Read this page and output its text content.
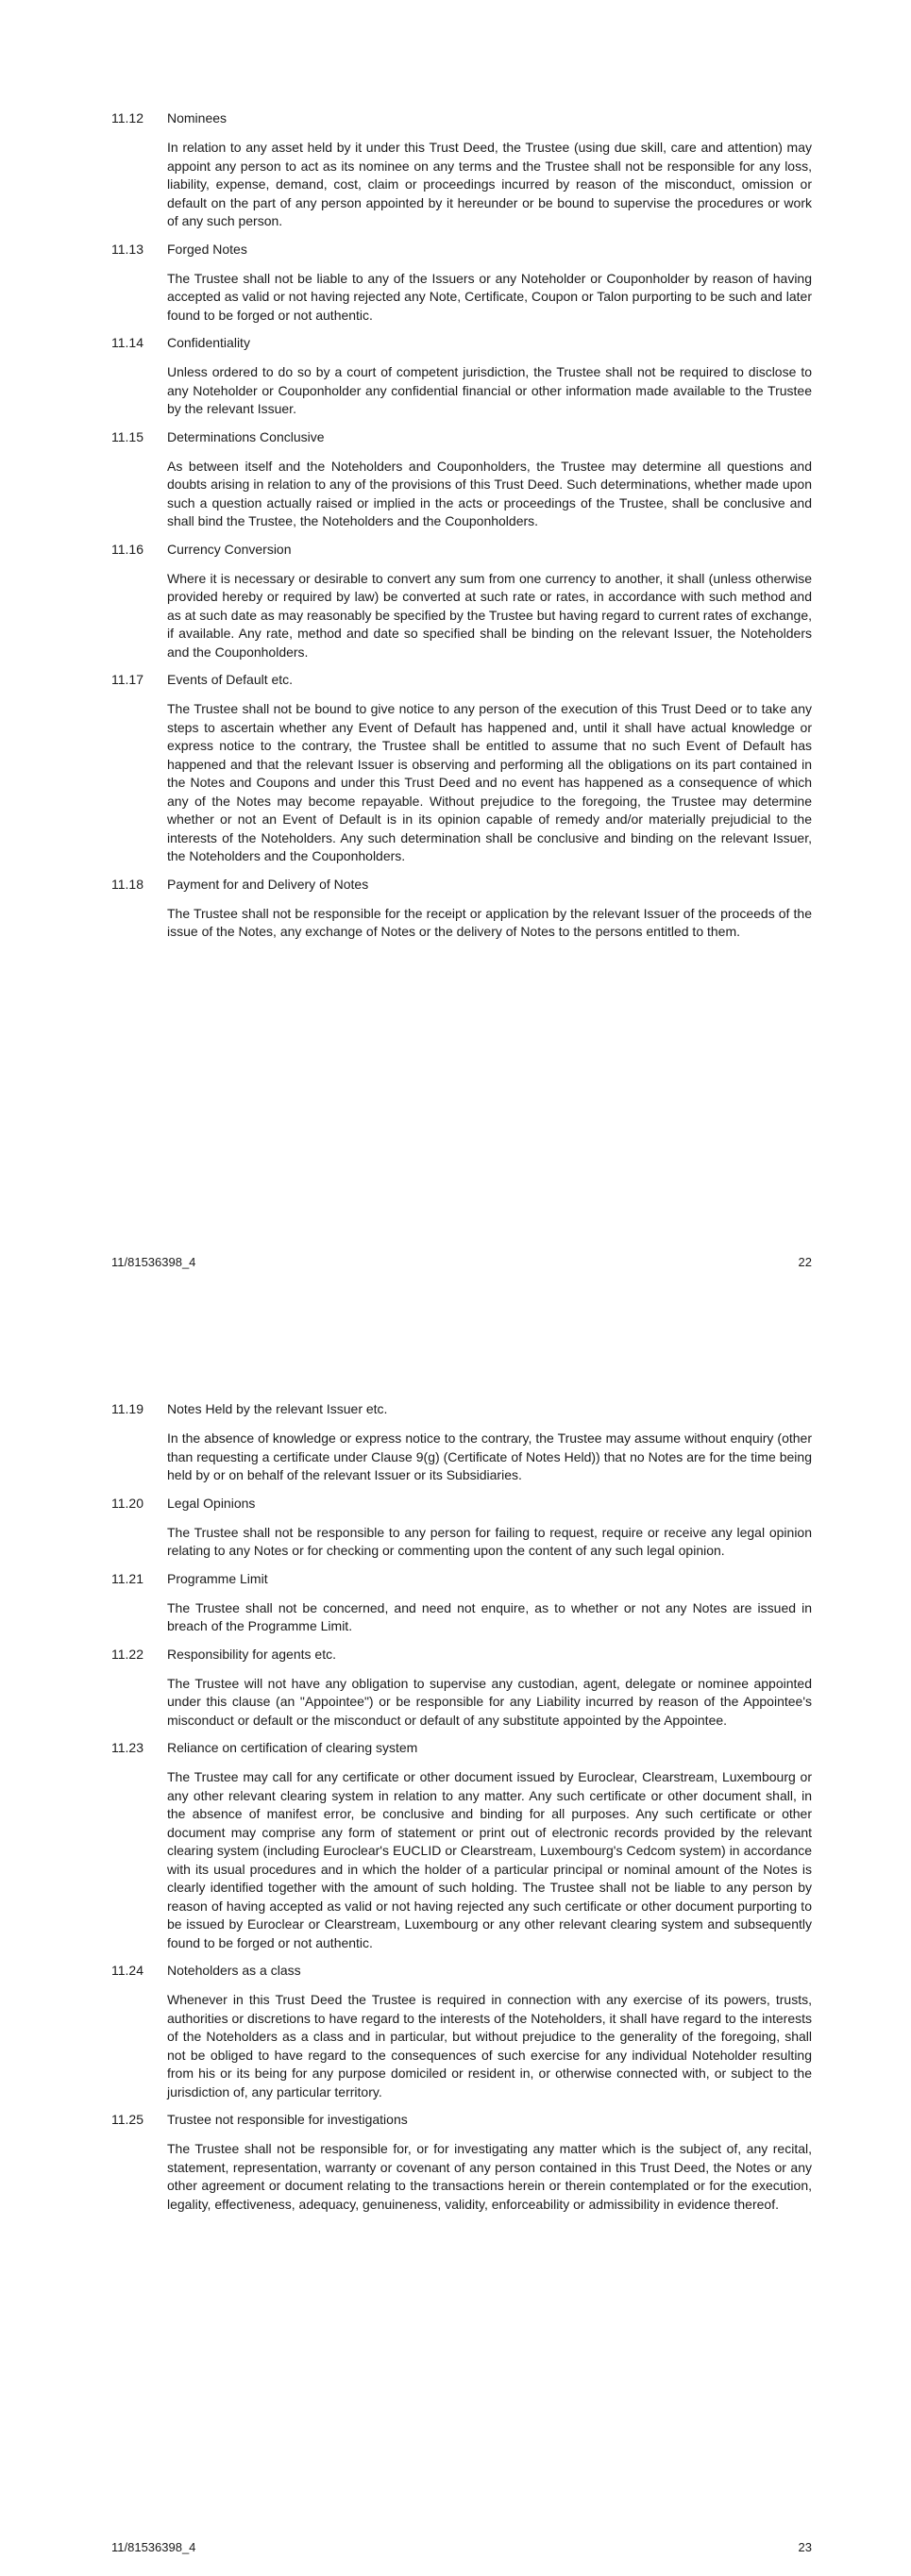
11.12	Nominees
In relation to any asset held by it under this Trust Deed, the Trustee (using due skill, care and attention) may appoint any person to act as its nominee on any terms and the Trustee shall not be responsible for any loss, liability, expense, demand, cost, claim or proceedings incurred by reason of the misconduct, omission or default on the part of any person appointed by it hereunder or be bound to supervise the procedures or work of any such person.
11.13	Forged Notes
The Trustee shall not be liable to any of the Issuers or any Noteholder or Couponholder by reason of having accepted as valid or not having rejected any Note, Certificate, Coupon or Talon purporting to be such and later found to be forged or not authentic.
11.14	Confidentiality
Unless ordered to do so by a court of competent jurisdiction, the Trustee shall not be required to disclose to any Noteholder or Couponholder any confidential financial or other information made available to the Trustee by the relevant Issuer.
11.15	Determinations Conclusive
As between itself and the Noteholders and Couponholders, the Trustee may determine all questions and doubts arising in relation to any of the provisions of this Trust Deed. Such determinations, whether made upon such a question actually raised or implied in the acts or proceedings of the Trustee, shall be conclusive and shall bind the Trustee, the Noteholders and the Couponholders.
11.16	Currency Conversion
Where it is necessary or desirable to convert any sum from one currency to another, it shall (unless otherwise provided hereby or required by law) be converted at such rate or rates, in accordance with such method and as at such date as may reasonably be specified by the Trustee but having regard to current rates of exchange, if available. Any rate, method and date so specified shall be binding on the relevant Issuer, the Noteholders and the Couponholders.
11.17	Events of Default etc.
The Trustee shall not be bound to give notice to any person of the execution of this Trust Deed or to take any steps to ascertain whether any Event of Default has happened and, until it shall have actual knowledge or express notice to the contrary, the Trustee shall be entitled to assume that no such Event of Default has happened and that the relevant Issuer is observing and performing all the obligations on its part contained in the Notes and Coupons and under this Trust Deed and no event has happened as a consequence of which any of the Notes may become repayable. Without prejudice to the foregoing, the Trustee may determine whether or not an Event of Default is in its opinion capable of remedy and/or materially prejudicial to the interests of the Noteholders. Any such determination shall be conclusive and binding on the relevant Issuer, the Noteholders and the Couponholders.
11.18	Payment for and Delivery of Notes
The Trustee shall not be responsible for the receipt or application by the relevant Issuer of the proceeds of the issue of the Notes, any exchange of Notes or the delivery of Notes to the persons entitled to them.
11/81536398_4	22
11.19	Notes Held by the relevant Issuer etc.
In the absence of knowledge or express notice to the contrary, the Trustee may assume without enquiry (other than requesting a certificate under Clause 9(g) (Certificate of Notes Held)) that no Notes are for the time being held by or on behalf of the relevant Issuer or its Subsidiaries.
11.20	Legal Opinions
The Trustee shall not be responsible to any person for failing to request, require or receive any legal opinion relating to any Notes or for checking or commenting upon the content of any such legal opinion.
11.21	Programme Limit
The Trustee shall not be concerned, and need not enquire, as to whether or not any Notes are issued in breach of the Programme Limit.
11.22	Responsibility for agents etc.
The Trustee will not have any obligation to supervise any custodian, agent, delegate or nominee appointed under this clause (an "Appointee") or be responsible for any Liability incurred by reason of the Appointee's misconduct or default or the misconduct or default of any substitute appointed by the Appointee.
11.23	Reliance on certification of clearing system
The Trustee may call for any certificate or other document issued by Euroclear, Clearstream, Luxembourg or any other relevant clearing system in relation to any matter. Any such certificate or other document shall, in the absence of manifest error, be conclusive and binding for all purposes. Any such certificate or other document may comprise any form of statement or print out of electronic records provided by the relevant clearing system (including Euroclear's EUCLID or Clearstream, Luxembourg's Cedcom system) in accordance with its usual procedures and in which the holder of a particular principal or nominal amount of the Notes is clearly identified together with the amount of such holding. The Trustee shall not be liable to any person by reason of having accepted as valid or not having rejected any such certificate or other document purporting to be issued by Euroclear or Clearstream, Luxembourg or any other relevant clearing system and subsequently found to be forged or not authentic.
11.24	Noteholders as a class
Whenever in this Trust Deed the Trustee is required in connection with any exercise of its powers, trusts, authorities or discretions to have regard to the interests of the Noteholders, it shall have regard to the interests of the Noteholders as a class and in particular, but without prejudice to the generality of the foregoing, shall not be obliged to have regard to the consequences of such exercise for any individual Noteholder resulting from his or its being for any purpose domiciled or resident in, or otherwise connected with, or subject to the jurisdiction of, any particular territory.
11.25	Trustee not responsible for investigations
The Trustee shall not be responsible for, or for investigating any matter which is the subject of, any recital, statement, representation, warranty or covenant of any person contained in this Trust Deed, the Notes or any other agreement or document relating to the transactions herein or therein contemplated or for the execution, legality, effectiveness, adequacy, genuineness, validity, enforceability or admissibility in evidence thereof.
11/81536398_4	23
